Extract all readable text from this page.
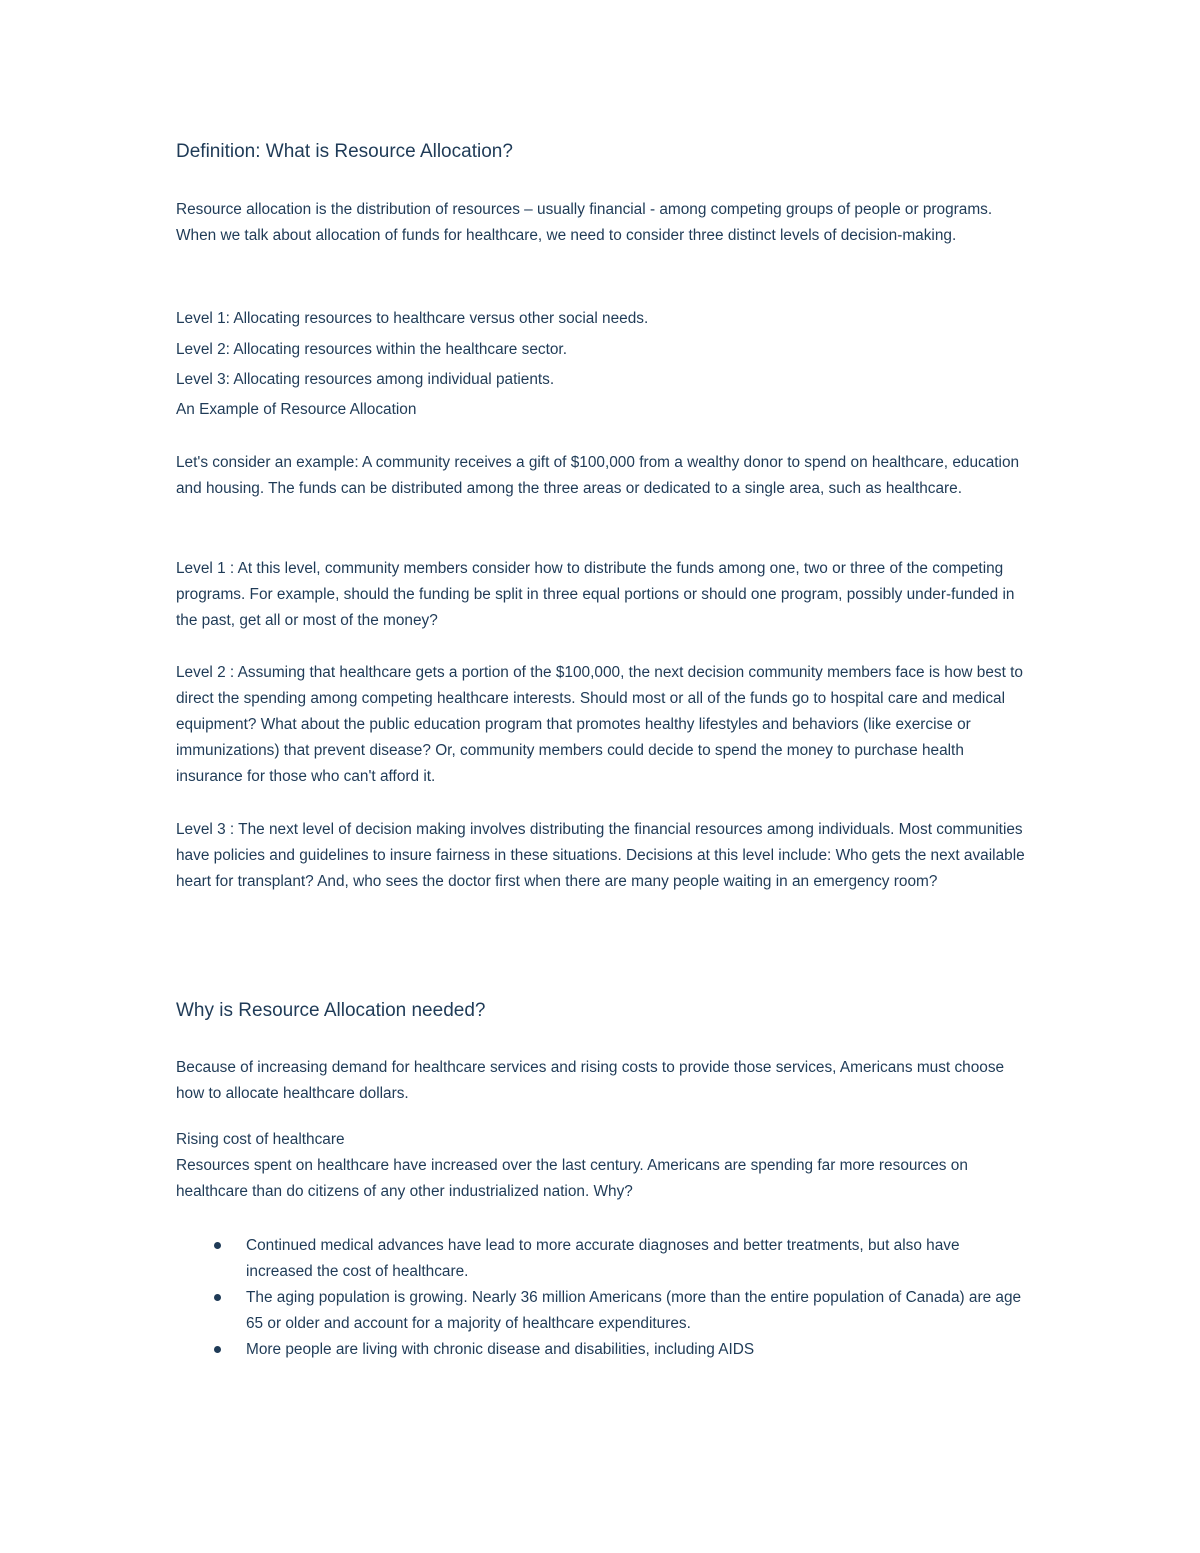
Definition: What is Resource Allocation?

Resource allocation is the distribution of resources – usually financial - among competing groups of people or programs. When we talk about allocation of funds for healthcare, we need to consider three distinct levels of decision-making.

Level 1: Allocating resources to healthcare versus other social needs.

Level 2: Allocating resources within the healthcare sector.

Level 3: Allocating resources among individual patients.

An Example of Resource Allocation

Let's consider an example: A community receives a gift of $100,000 from a wealthy donor to spend on healthcare, education and housing. The funds can be distributed among the three areas or dedicated to a single area, such as healthcare.

Level 1 : At this level, community members consider how to distribute the funds among one, two or three of the competing programs. For example, should the funding be split in three equal portions or should one program, possibly under-funded in the past, get all or most of the money?

Level 2 : Assuming that healthcare gets a portion of the $100,000, the next decision community members face is how best to direct the spending among competing healthcare interests. Should most or all of the funds go to hospital care and medical equipment? What about the public education program that promotes healthy lifestyles and behaviors (like exercise or immunizations) that prevent disease? Or, community members could decide to spend the money to purchase health insurance for those who can't afford it.

Level 3 : The next level of decision making involves distributing the financial resources among individuals. Most communities have policies and guidelines to insure fairness in these situations. Decisions at this level include: Who gets the next available heart for transplant? And, who sees the doctor first when there are many people waiting in an emergency room?

Why is Resource Allocation needed?

Because of increasing demand for healthcare services and rising costs to provide those services, Americans must choose how to allocate healthcare dollars.

Rising cost of healthcare

Resources spent on healthcare have increased over the last century. Americans are spending far more resources on healthcare than do citizens of any other industrialized nation. Why?

Continued medical advances have lead to more accurate diagnoses and better treatments, but also have increased the cost of healthcare.
The aging population is growing. Nearly 36 million Americans (more than the entire population of Canada) are age 65 or older and account for a majority of healthcare expenditures.
More people are living with chronic disease and disabilities, including AIDS
